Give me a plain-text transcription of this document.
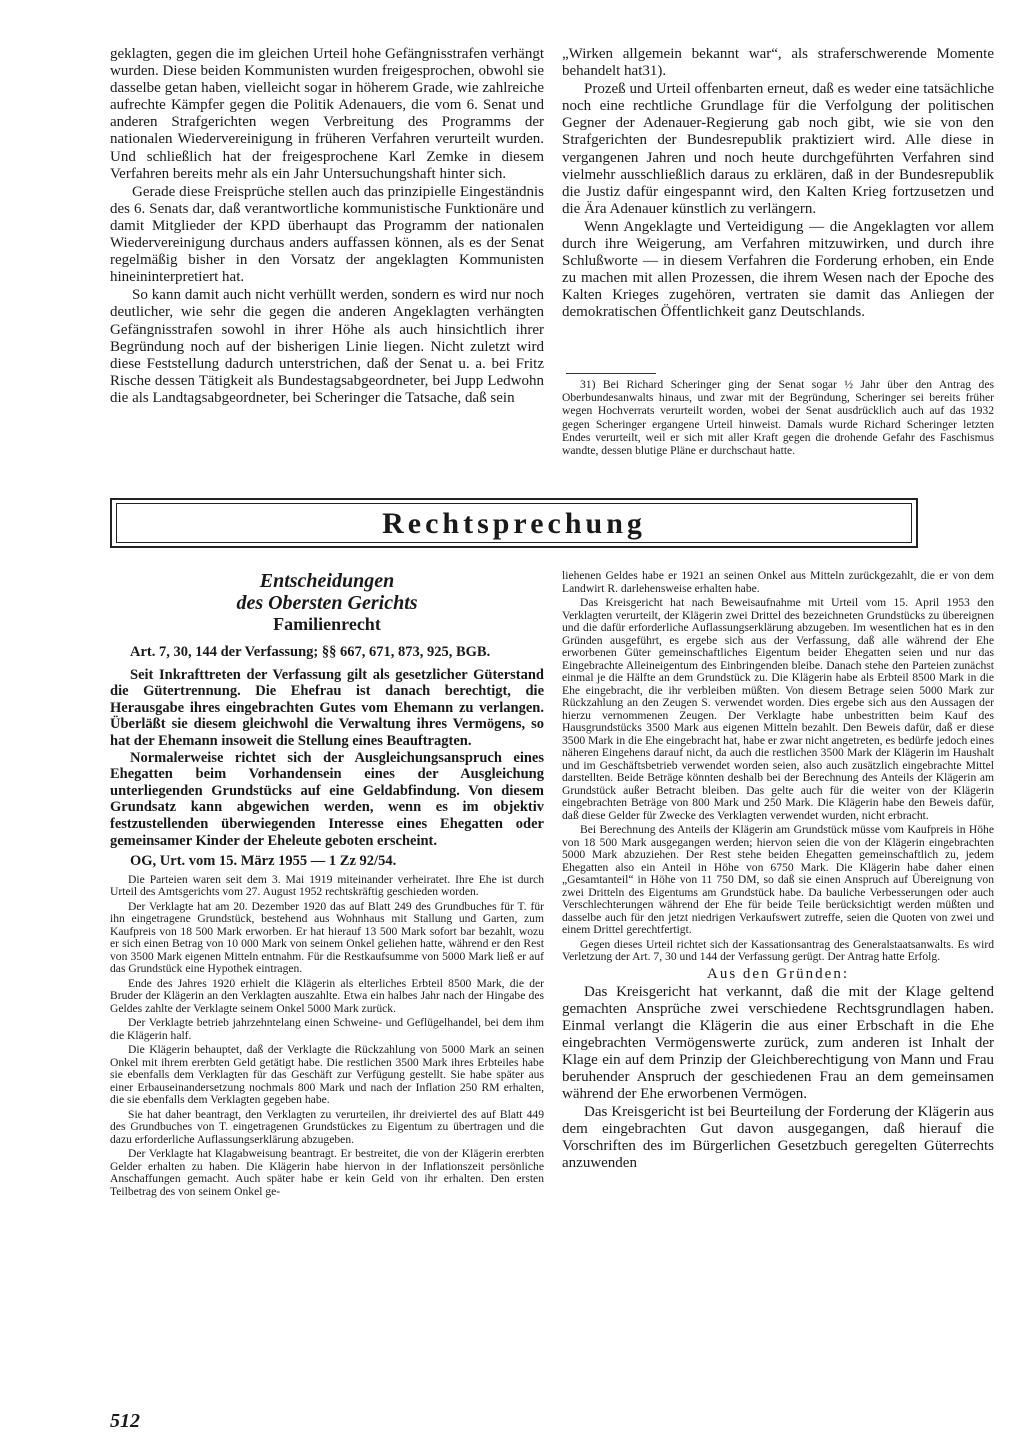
geklagten, gegen die im gleichen Urteil hohe Gefängnisstrafen verhängt wurden. Diese beiden Kommunisten wurden freigesprochen, obwohl sie dasselbe getan haben, vielleicht sogar in höherem Grade, wie zahlreiche aufrechte Kämpfer gegen die Politik Adenauers, die vom 6. Senat und anderen Strafgerichten wegen Verbreitung des Programms der nationalen Wiedervereinigung in früheren Verfahren verurteilt wurden. Und schließlich hat der freigesprochene Karl Zemke in diesem Verfahren bereits mehr als ein Jahr Untersuchungshaft hinter sich.

Gerade diese Freisprüche stellen auch das prinzipielle Eingeständnis des 6. Senats dar, daß verantwortliche kommunistische Funktionäre und damit Mitglieder der KPD überhaupt das Programm der nationalen Wiedervereinigung durchaus anders auffassen können, als es der Senat regelmäßig bisher in den Vorsatz der angeklagten Kommunisten hineininterpretiert hat.

So kann damit auch nicht verhüllt werden, sondern es wird nur noch deutlicher, wie sehr die gegen die anderen Angeklagten verhängten Gefängnisstrafen sowohl in ihrer Höhe als auch hinsichtlich ihrer Begründung noch auf der bisherigen Linie liegen. Nicht zuletzt wird diese Feststellung dadurch unterstrichen, daß der Senat u. a. bei Fritz Rische dessen Tätigkeit als Bundestagsabgeordneter, bei Jupp Ledwohn die als Landtagsabgeordneter, bei Scheringer die Tatsache, daß sein

„Wirken allgemein bekannt war“, als straferschwerende Momente behandelt hat31).

Prozeß und Urteil offenbarten erneut, daß es weder eine tatsächliche noch eine rechtliche Grundlage für die Verfolgung der politischen Gegner der Adenauer-Regierung gab noch gibt, wie sie von den Strafgerichten der Bundesrepublik praktiziert wird. Alle diese in vergangenen Jahren und noch heute durchgeführten Verfahren sind vielmehr ausschließlich daraus zu erklären, daß in der Bundesrepublik die Justiz dafür eingespannt wird, den Kalten Krieg fortzusetzen und die Ära Adenauer künstlich zu verlängern.

Wenn Angeklagte und Verteidigung — die Angeklagten vor allem durch ihre Weigerung, am Verfahren mitzuwirken, und durch ihre Schlußworte — in diesem Verfahren die Forderung erhoben, ein Ende zu machen mit allen Prozessen, die ihrem Wesen nach der Epoche des Kalten Krieges zugehören, vertraten sie damit das Anliegen der demokratischen Öffentlichkeit ganz Deutschlands.

31) Bei Richard Scheringer ging der Senat sogar ½ Jahr über den Antrag des Oberbundesanwalts hinaus, und zwar mit der Begründung, Scheringer sei bereits früher wegen Hochverrats verurteilt worden, wobei der Senat ausdrücklich auch auf das 1932 gegen Scheringer ergangene Urteil hinweist. Damals wurde Richard Scheringer letzten Endes verurteilt, weil er sich mit aller Kraft gegen die drohende Gefahr des Faschismus wandte, dessen blutige Pläne er durchschaut hatte.

Rechtsprechung
Entscheidungen
des Obersten Gerichts
Familienrecht

Art. 7, 30, 144 der Verfassung; §§ 667, 671, 873, 925, BGB.

Seit Inkrafttreten der Verfassung gilt als gesetzlicher Güterstand die Gütertrennung. Die Ehefrau ist danach berechtigt, die Herausgabe ihres eingebrachten Gutes vom Ehemann zu verlangen. Überläßt sie diesem gleichwohl die Verwaltung ihres Vermögens, so hat der Ehemann insoweit die Stellung eines Beauftragten.

Normalerweise richtet sich der Ausgleichungsanspruch eines Ehegatten beim Vorhandensein eines der Ausgleichung unterliegenden Grundstücks auf eine Geldabfindung. Von diesem Grundsatz kann abgewichen werden, wenn es im objektiv festzustellenden überwiegenden Interesse eines Ehegatten oder gemeinsamer Kinder der Eheleute geboten erscheint.

OG, Urt. vom 15. März 1955 — 1 Zz 92/54.

Die Parteien waren seit dem 3. Mai 1919 miteinander verheiratet. Ihre Ehe ist durch Urteil des Amtsgerichts vom 27. August 1952 rechtskräftig geschieden worden.

Der Verklagte hat am 20. Dezember 1920 das auf Blatt 249 des Grundbuches für T. für ihn eingetragene Grundstück, bestehend aus Wohnhaus mit Stallung und Garten, zum Kaufpreis von 18 500 Mark erworben. Er hat hierauf 13 500 Mark sofort bar bezahlt, wozu er sich einen Betrag von 10 000 Mark von seinem Onkel geliehen hatte, während er den Rest von 3500 Mark eigenen Mitteln entnahm. Für die Restkaufsumme von 5000 Mark ließ er auf das Grundstück eine Hypothek eintragen.

Ende des Jahres 1920 erhielt die Klägerin als elterliches Erbteil 8500 Mark, die der Bruder der Klägerin an den Verklagten auszahlte. Etwa ein halbes Jahr nach der Hingabe des Geldes zahlte der Verklagte seinem Onkel 5000 Mark zurück.

Der Verklagte betrieb jahrzehntelang einen Schweine- und Geflügelhandel, bei dem ihm die Klägerin half.

Die Klägerin behauptet, daß der Verklagte die Rückzahlung von 5000 Mark an seinen Onkel mit ihrem ererbten Geld getätigt habe. Die restlichen 3500 Mark ihres Erbteiles habe sie ebenfalls dem Verklagten für das Geschäft zur Verfügung gestellt. Sie habe später aus einer Erbauseinandersetzung nochmals 800 Mark und nach der Inflation 250 RM erhalten, die sie ebenfalls dem Verklagten gegeben habe.

Sie hat daher beantragt, den Verklagten zu verurteilen, ihr dreiviertel des auf Blatt 449 des Grundbuches von T. eingetragenen Grundstückes zu Eigentum zu übertragen und die dazu erforderliche Auflassungserklärung abzugeben.

Der Verklagte hat Klagabweisung beantragt. Er bestreitet, die von der Klägerin ererbten Gelder erhalten zu haben. Die Klägerin habe hiervon in der Inflationszeit persönliche Anschaffungen gemacht. Auch später habe er kein Geld von ihr erhalten. Den ersten Teilbetrag des von seinem Onkel ge-

liehenen Geldes habe er 1921 an seinen Onkel aus Mitteln zurückgezahlt, die er von dem Landwirt R. darlehensweise erhalten habe.

Das Kreisgericht hat nach Beweisaufnahme mit Urteil vom 15. April 1953 den Verklagten verurteilt, der Klägerin zwei Drittel des bezeichneten Grundstücks zu übereignen und die dafür erforderliche Auflassungserklärung abzugeben. Im wesentlichen hat es in den Gründen ausgeführt, es ergebe sich aus der Verfassung, daß alle während der Ehe erworbenen Güter gemeinschaftliches Eigentum beider Ehegatten seien und nur das Eingebrachte Alleineigentum des Einbringenden bleibe. Danach stehe den Parteien zunächst einmal je die Hälfte an dem Grundstück zu. Die Klägerin habe als Erbteil 8500 Mark in die Ehe eingebracht, die ihr verbleiben müßten. Von diesem Betrage seien 5000 Mark zur Rückzahlung an den Zeugen S. verwendet worden. Dies ergebe sich aus den Aussagen der hierzu vernommenen Zeugen. Der Verklagte habe unbestritten beim Kauf des Hausgrundstücks 3500 Mark aus eigenen Mitteln bezahlt. Den Beweis dafür, daß er diese 3500 Mark in die Ehe eingebracht hat, habe er zwar nicht angetreten, es bedürfe jedoch eines näheren Eingehens darauf nicht, da auch die restlichen 3500 Mark der Klägerin im Haushalt und im Geschäftsbetrieb verwendet worden seien, also auch zusätzlich eingebrachte Mittel darstellten. Beide Beträge könnten deshalb bei der Berechnung des Anteils der Klägerin am Grundstück außer Betracht bleiben. Das gelte auch für die weiter von der Klägerin eingebrachten Beträge von 800 Mark und 250 Mark. Die Klägerin habe den Beweis dafür, daß diese Gelder für Zwecke des Verklagten verwendet wurden, nicht erbracht.

Bei Berechnung des Anteils der Klägerin am Grundstück müsse vom Kaufpreis in Höhe von 18 500 Mark ausgegangen werden; hiervon seien die von der Klägerin eingebrachten 5000 Mark abzuziehen. Der Rest stehe beiden Ehegatten gemeinschaftlich zu, jedem Ehegatten also ein Anteil in Höhe von 6750 Mark. Die Klägerin habe daher einen „Gesamtanteil“ in Höhe von 11 750 DM, so daß sie einen Anspruch auf Übereignung von zwei Dritteln des Eigentums am Grundstück habe. Da bauliche Verbesserungen oder auch Verschlechterungen während der Ehe für beide Teile berücksichtigt werden müßten und dasselbe auch für den jetzt niedrigen Verkaufswert zutreffe, seien die Quoten von zwei und einem Drittel gerechtfertigt.

Gegen dieses Urteil richtet sich der Kassationsantrag des Generalstaatsanwalts. Es wird Verletzung der Art. 7, 30 und 144 der Verfassung gerügt. Der Antrag hatte Erfolg.

Aus den Gründen:

Das Kreisgericht hat verkannt, daß die mit der Klage geltend gemachten Ansprüche zwei verschiedene Rechtsgrundlagen haben. Einmal verlangt die Klägerin die aus einer Erbschaft in die Ehe eingebrachten Vermögenswerte zurück, zum anderen ist Inhalt der Klage ein auf dem Prinzip der Gleichberechtigung von Mann und Frau beruhender Anspruch der geschiedenen Frau an dem gemeinsamen während der Ehe erworbenen Vermögen.

Das Kreisgericht ist bei Beurteilung der Forderung der Klägerin aus dem eingebrachten Gut davon ausgegangen, daß hierauf die Vorschriften des im Bürgerlichen Gesetzbuch geregelten Güterrechts anzuwenden

512
